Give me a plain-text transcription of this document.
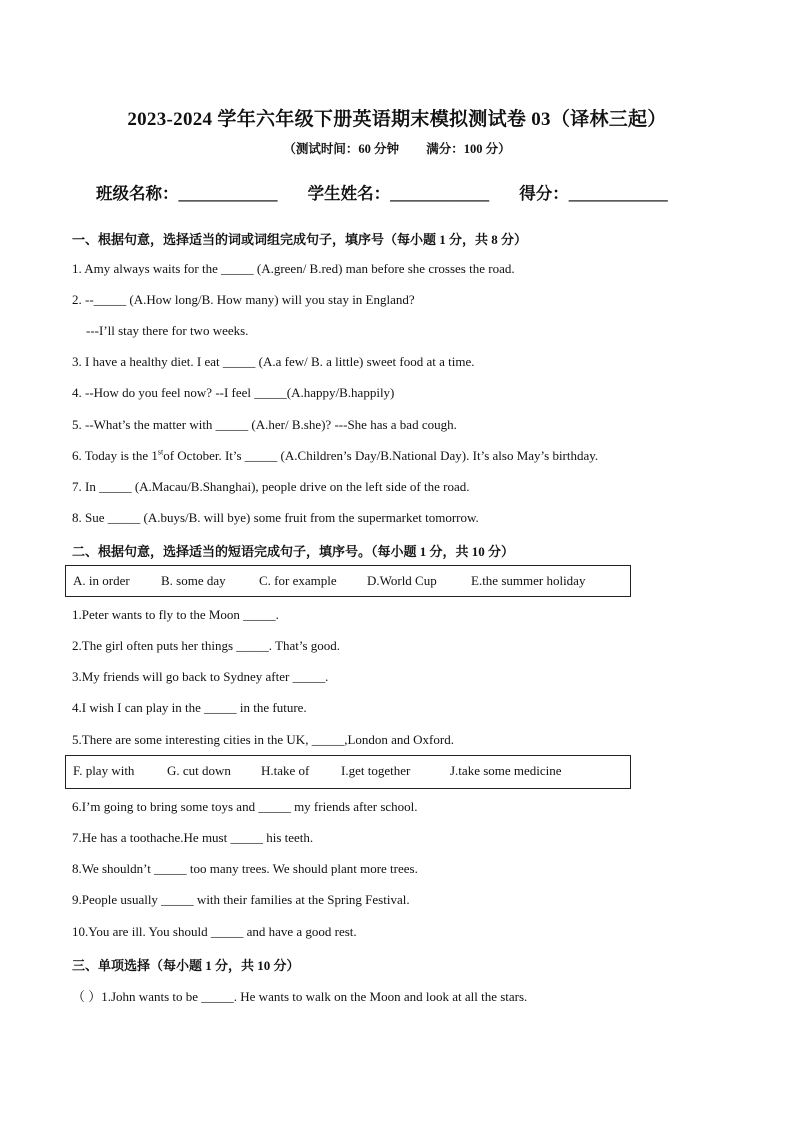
2023-2024 学年六年级下册英语期末模拟测试卷 03（译林三起）
（测试时间：60 分钟 满分：100 分）
班级名称：____________ 学生姓名：____________ 得分：____________
一、根据句意，选择适当的词或词组完成句子，填序号（每小题 1 分，共 8 分）
1. Amy always waits for the _____ (A.green/ B.red) man before she crosses the road.
2. --_____ (A.How long/B. How many) will you stay in England?
---I’ll stay there for two weeks.
3. I have a healthy diet. I eat _____ (A.a few/ B. a little) sweet food at a time.
4. --How do you feel now? --I feel _____(A.happy/B.happily)
5. --What’s the matter with _____ (A.her/ B.she)? ---She has a bad cough.
6. Today is the 1stof October. It’s _____ (A.Children’s Day/B.National Day). It’s also May’s birthday.
7. In _____ (A.Macau/B.Shanghai), people drive on the left side of the road.
8. Sue _____ (A.buys/B. will bye) some fruit from the supermarket tomorrow.
二、根据句意，选择适当的短语完成句子，填序号。（每小题 1 分，共 10 分）
A. in order B. some day	C. for example D.World Cup	E.the summer holiday
1.Peter wants to fly to the Moon _____.
2.The girl often puts her things _____. That’s good.
3.My friends will go back to Sydney after _____.
4.I wish I can play in the _____ in the future.
5.There are some interesting cities in the UK, _____,London and Oxford.
F. play with	G. cut down H.take of I.get together	J.take some medicine
6.I’m going to bring some toys and _____ my friends after school.
7.He has a toothache.He must _____ his teeth.
8.We shouldn’t _____ too many trees. We should plant more trees.
9.People usually _____ with their families at the Spring Festival.
10.You are ill. You should _____ and have a good rest.
三、单项选择（每小题 1 分，共 10 分）
（ ）1.John wants to be _____. He wants to walk on the Moon and look at all the stars.
